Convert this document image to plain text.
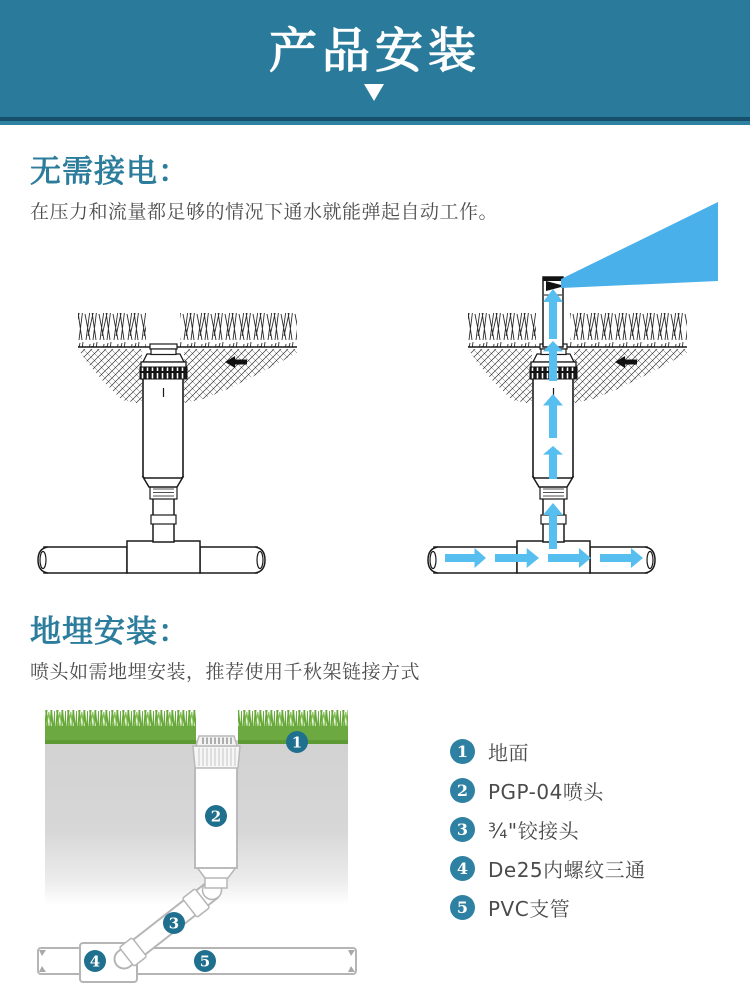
产品安装
无需接电：
在压力和流量都足够的情况下通水就能弹起自动工作。
地埋安装：
喷头如需地埋安装，推荐使用千秋架链接方式
1
2
3
4	5
1 地面
2 PGP-04喷头
3 ¾"铰接头
4 De25内螺纹三通
5 PVC支管
